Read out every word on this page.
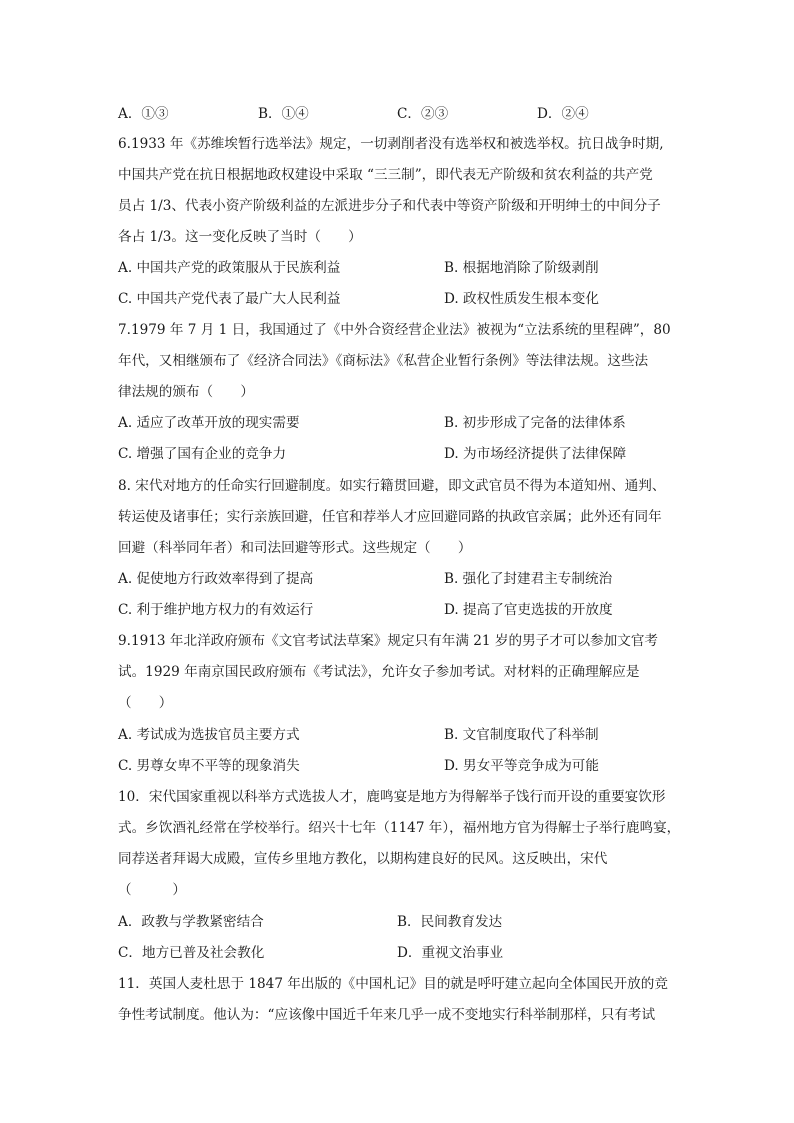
A．①③	B．①④	C．②③	D．②④
6.1933 年《苏维埃暂行选举法》规定，一切剥削者没有选举权和被选举权。抗日战争时期,
中国共产党在抗日根据地政权建设中采取 “三三制”，即代表无产阶级和贫农利益的共产党
员占 1/3、代表小资产阶级利益的左派进步分子和代表中等资产阶级和开明绅士的中间分子
各占 1/3。这一变化反映了当时（　　）
A. 中国共产党的政策服从于民族利益	B. 根据地消除了阶级剥削
C. 中国共产党代表了最广大人民利益	D. 政权性质发生根本变化
7.1979 年 7 月 1 日，我国通过了《中外合资经营企业法》被视为“立法系统的里程碑”，80
年代，又相继颁布了《经济合同法》《商标法》《私营企业暂行条例》等法律法规。这些法
律法规的颁布（　　）
A. 适应了改革开放的现实需要	B. 初步形成了完备的法律体系
C. 增强了国有企业的竞争力	D. 为市场经济提供了法律保障
8. 宋代对地方的任命实行回避制度。如实行籍贯回避，即文武官员不得为本道知州、通判、
转运使及诸事任；实行亲族回避，任官和荐举人才应回避同路的执政官亲属；此外还有同年
回避（科举同年者）和司法回避等形式。这些规定（　　）
A. 促使地方行政效率得到了提高	B. 强化了封建君主专制统治
C. 利于维护地方权力的有效运行	D. 提高了官吏选拔的开放度
9.1913 年北洋政府颁布《文官考试法草案》规定只有年满 21 岁的男子才可以参加文官考
试。1929 年南京国民政府颁布《考试法》，允许女子参加考试。对材料的正确理解应是
（　　）
A. 考试成为选拔官员主要方式	B. 文官制度取代了科举制
C. 男尊女卑不平等的现象消失	D. 男女平等竞争成为可能
10．宋代国家重视以科举方式选拔人才，鹿鸣宴是地方为得解举子饯行而开设的重要宴饮形
式。乡饮酒礼经常在学校举行。绍兴十七年（1147 年），福州地方官为得解士子举行鹿鸣宴，
同荐送者拜谒大成殿，宣传乡里地方教化，以期构建良好的民风。这反映出，宋代
（　　　）
A．政教与学教紧密结合	B．民间教育发达
C．地方已普及社会教化	D．重视文治事业
11．英国人麦杜思于 1847 年出版的《中国札记》目的就是呼吁建立起向全体国民开放的竞
争性考试制度。他认为：“应该像中国近千年来几乎一成不变地实行科举制那样，只有考试
